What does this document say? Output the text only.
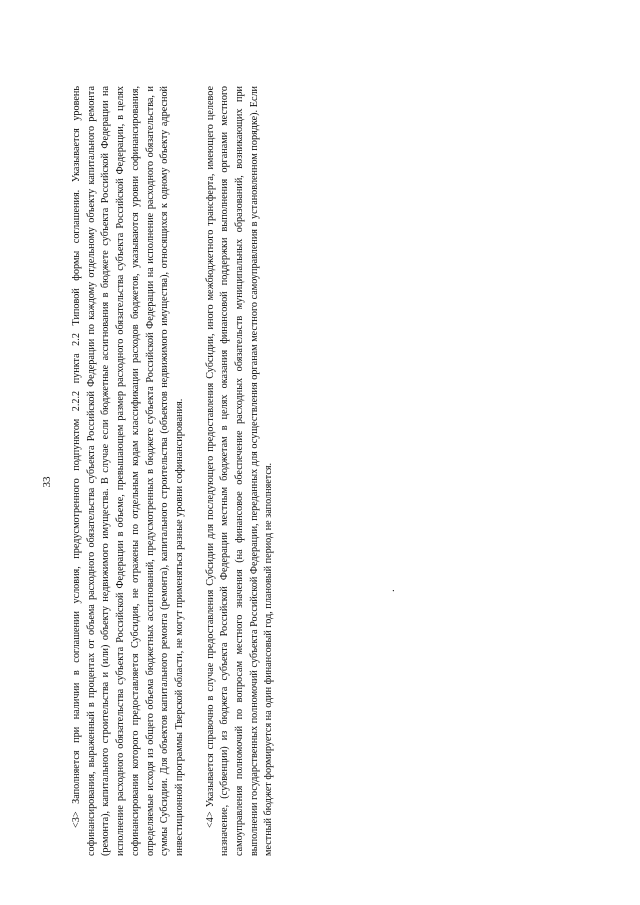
33 <3> Заполняется при наличии в соглашении условия, предусмотренного подпунктом 2.2.2 пункта 2.2 Типовой формы соглашения. Указывается уровень софинансирования, выраженный в процентах от объема расходного обязательства субъекта Российской Федерации по каждому отдельному объекту капитального ремонта (ремонта), капитального строительства и (или) объекту недвижимого имущества. В случае если бюджетные ассигнования в бюджете субъекта Российской Федерации на исполнение расходного обязательства субъекта Российской Федерации в объеме, превышающем размер расходного обязательства субъекта Российской Федерации, в целях софинансирования которого предоставляется Субсидия, не отражены по отдельным кодам классификации расходов бюджетов, указываются уровни софинансирования, определяемые исходя из общего объема бюджетных ассигнований, предусмотренных в бюджете субъекта Российской Федерации на исполнение расходного обязательства, и суммы Субсидии. Для объектов капитального ремонта (ремонта), капитального строительства (объектов недвижимого имущества), относящихся к одному объекту адресной инвестиционной программы Тверской области, не могут применяться разные уровни софинансирования. <4> Указывается справочно в случае предоставления Субсидии для последующего предоставления Субсидии, иного межбюджетного трансферта, имеющего целевое назначение, (субвенции) из бюджета субъекта Российской Федерации местным бюджетам в целях оказания финансовой поддержки выполнения органами местного самоуправления полномочий по вопросам местного значения (на финансовое обеспечение расходных обязательств муниципальных образований, возникающих при выполнении государственных полномочий субъекта Российской Федерации, переданных для осуществления органам местного самоуправления в установленном порядке). Если местный бюджет формируется на один финансовый год, плановый период не заполняется.	.
